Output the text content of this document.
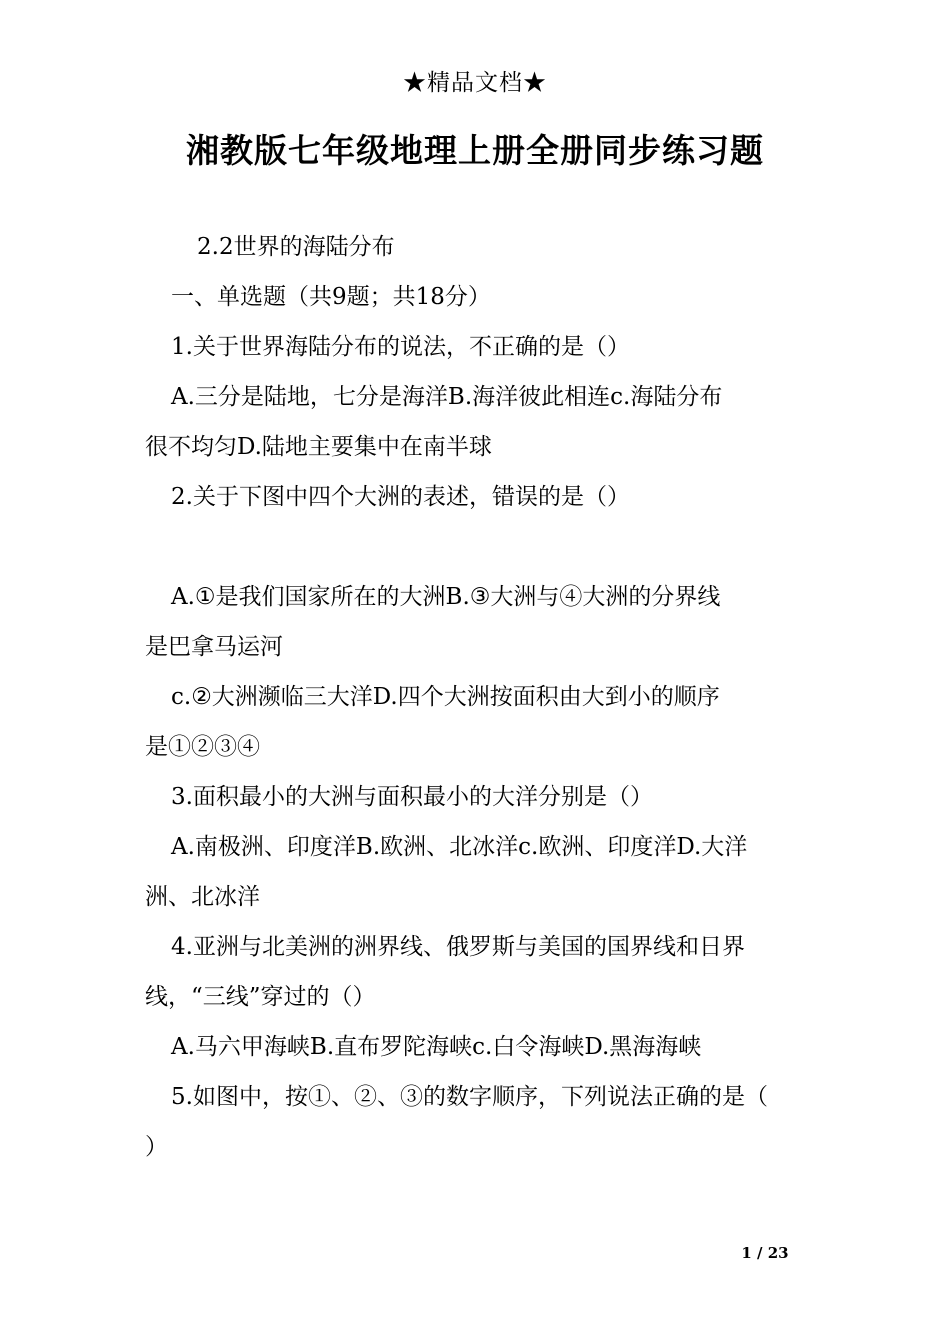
★精品文档★
湘教版七年级地理上册全册同步练习题

2.2世界的海陆分布

一、单选题（共9题；共18分）

1.关于世界海陆分布的说法，不正确的是（）

A.三分是陆地，七分是海洋B.海洋彼此相连c.海陆分布

很不均匀D.陆地主要集中在南半球

2.关于下图中四个大洲的表述，错误的是（）

A.①是我们国家所在的大洲B.③大洲与④大洲的分界线

是巴拿马运河

c.②大洲濒临三大洋D.四个大洲按面积由大到小的顺序

是①②③④

3.面积最小的大洲与面积最小的大洋分别是（）

A.南极洲、印度洋B.欧洲、北冰洋c.欧洲、印度洋D.大洋

洲、北冰洋

4.亚洲与北美洲的洲界线、俄罗斯与美国的国界线和日界

线，“三线”穿过的（）

A.马六甲海峡B.直布罗陀海峡c.白令海峡D.黑海海峡

5.如图中，按①、②、③的数字顺序，下列说法正确的是（

）

1 / 23
